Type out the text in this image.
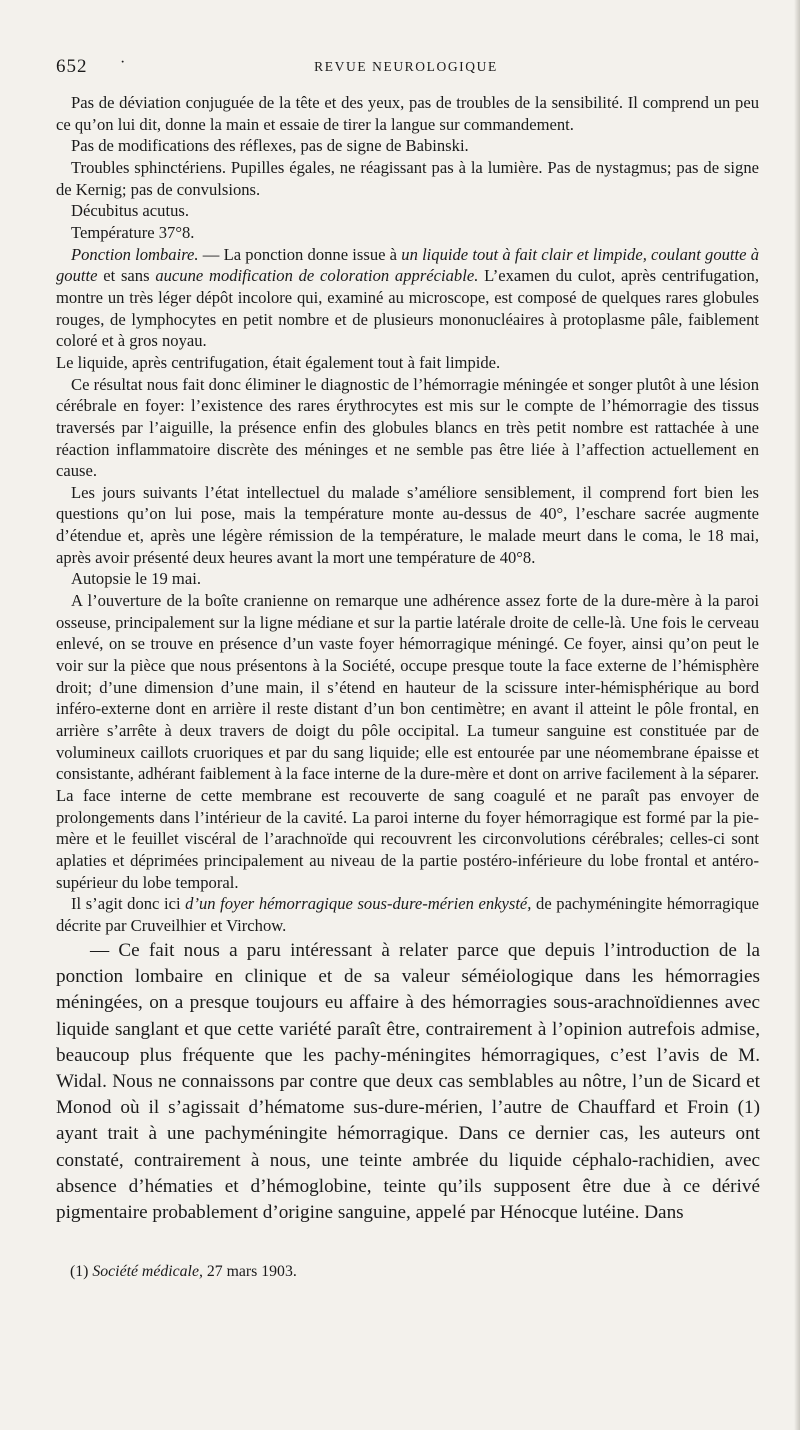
652 ·	REVUE NEUROLOGIQUE

Pas de déviation conjuguée de la tête et des yeux, pas de troubles de la sensibilité. Il comprend un peu ce qu’on lui dit, donne la main et essaie de tirer la langue sur commandement.

Pas de modifications des réflexes, pas de signe de Babinski.

Troubles sphinctériens. Pupilles égales, ne réagissant pas à la lumière. Pas de nystagmus; pas de signe de Kernig; pas de convulsions.

Décubitus acutus.

Température 37°8.

Ponction lombaire. — La ponction donne issue à un liquide tout à fait clair et limpide, coulant goutte à goutte et sans aucune modification de coloration appréciable. L’examen du culot, après centrifugation, montre un très léger dépôt incolore qui, examiné au microscope, est composé de quelques rares globules rouges, de lymphocytes en petit nombre et de plusieurs mononucléaires à protoplasme pâle, faiblement coloré et à gros noyau.

Le liquide, après centrifugation, était également tout à fait limpide.

Ce résultat nous fait donc éliminer le diagnostic de l’hémorragie méningée et songer plutôt à une lésion cérébrale en foyer: l’existence des rares érythrocytes est mis sur le compte de l’hémorragie des tissus traversés par l’aiguille, la présence enfin des globules blancs en très petit nombre est rattachée à une réaction inflammatoire discrète des méninges et ne semble pas être liée à l’affection actuellement en cause.

Les jours suivants l’état intellectuel du malade s’améliore sensiblement, il comprend fort bien les questions qu’on lui pose, mais la température monte au-dessus de 40°, l’eschare sacrée augmente d’étendue et, après une légère rémission de la température, le malade meurt dans le coma, le 18 mai, après avoir présenté deux heures avant la mort une température de 40°8.

Autopsie le 19 mai.

A l’ouverture de la boîte cranienne on remarque une adhérence assez forte de la dure-mère à la paroi osseuse, principalement sur la ligne médiane et sur la partie latérale droite de celle-là. Une fois le cerveau enlevé, on se trouve en présence d’un vaste foyer hémorragique méningé. Ce foyer, ainsi qu’on peut le voir sur la pièce que nous présentons à la Société, occupe presque toute la face externe de l’hémisphère droit; d’une dimension d’une main, il s’étend en hauteur de la scissure inter-hémisphérique au bord inféro-externe dont en arrière il reste distant d’un bon centimètre; en avant il atteint le pôle frontal, en arrière s’arrête à deux travers de doigt du pôle occipital. La tumeur sanguine est constituée par de volumineux caillots cruoriques et par du sang liquide; elle est entourée par une néomembrane épaisse et consistante, adhérant faiblement à la face interne de la dure-mère et dont on arrive facilement à la séparer. La face interne de cette membrane est recouverte de sang coagulé et ne paraît pas envoyer de prolongements dans l’intérieur de la cavité. La paroi interne du foyer hémorragique est formé par la pie-mère et le feuillet viscéral de l’arachnoïde qui recouvrent les circonvolutions cérébrales; celles-ci sont aplaties et déprimées principalement au niveau de la partie postéro-inférieure du lobe frontal et antéro-supérieur du lobe temporal.

Il s’agit donc ici d’un foyer hémorragique sous-dure-mérien enkysté, de pachyméningite hémorragique décrite par Cruveilhier et Virchow.

— Ce fait nous a paru intéressant à relater parce que depuis l’introduction de la ponction lombaire en clinique et de sa valeur séméiologique dans les hémorragies méningées, on a presque toujours eu affaire à des hémorragies sous-arachnoïdiennes avec liquide sanglant et que cette variété paraît être, contrairement à l’opinion autrefois admise, beaucoup plus fréquente que les pachy-méningites hémorragiques, c’est l’avis de M. Widal. Nous ne connaissons par contre que deux cas semblables au nôtre, l’un de Sicard et Monod où il s’agissait d’hématome sus-dure-mérien, l’autre de Chauffard et Froin (1) ayant trait à une pachyméningite hémorragique. Dans ce dernier cas, les auteurs ont constaté, contrairement à nous, une teinte ambrée du liquide céphalo-rachidien, avec absence d’hématies et d’hémoglobine, teinte qu’ils supposent être due à ce dérivé pigmentaire probablement d’origine sanguine, appelé par Hénocque lutéine. Dans

(1) Société médicale, 27 mars 1903.
